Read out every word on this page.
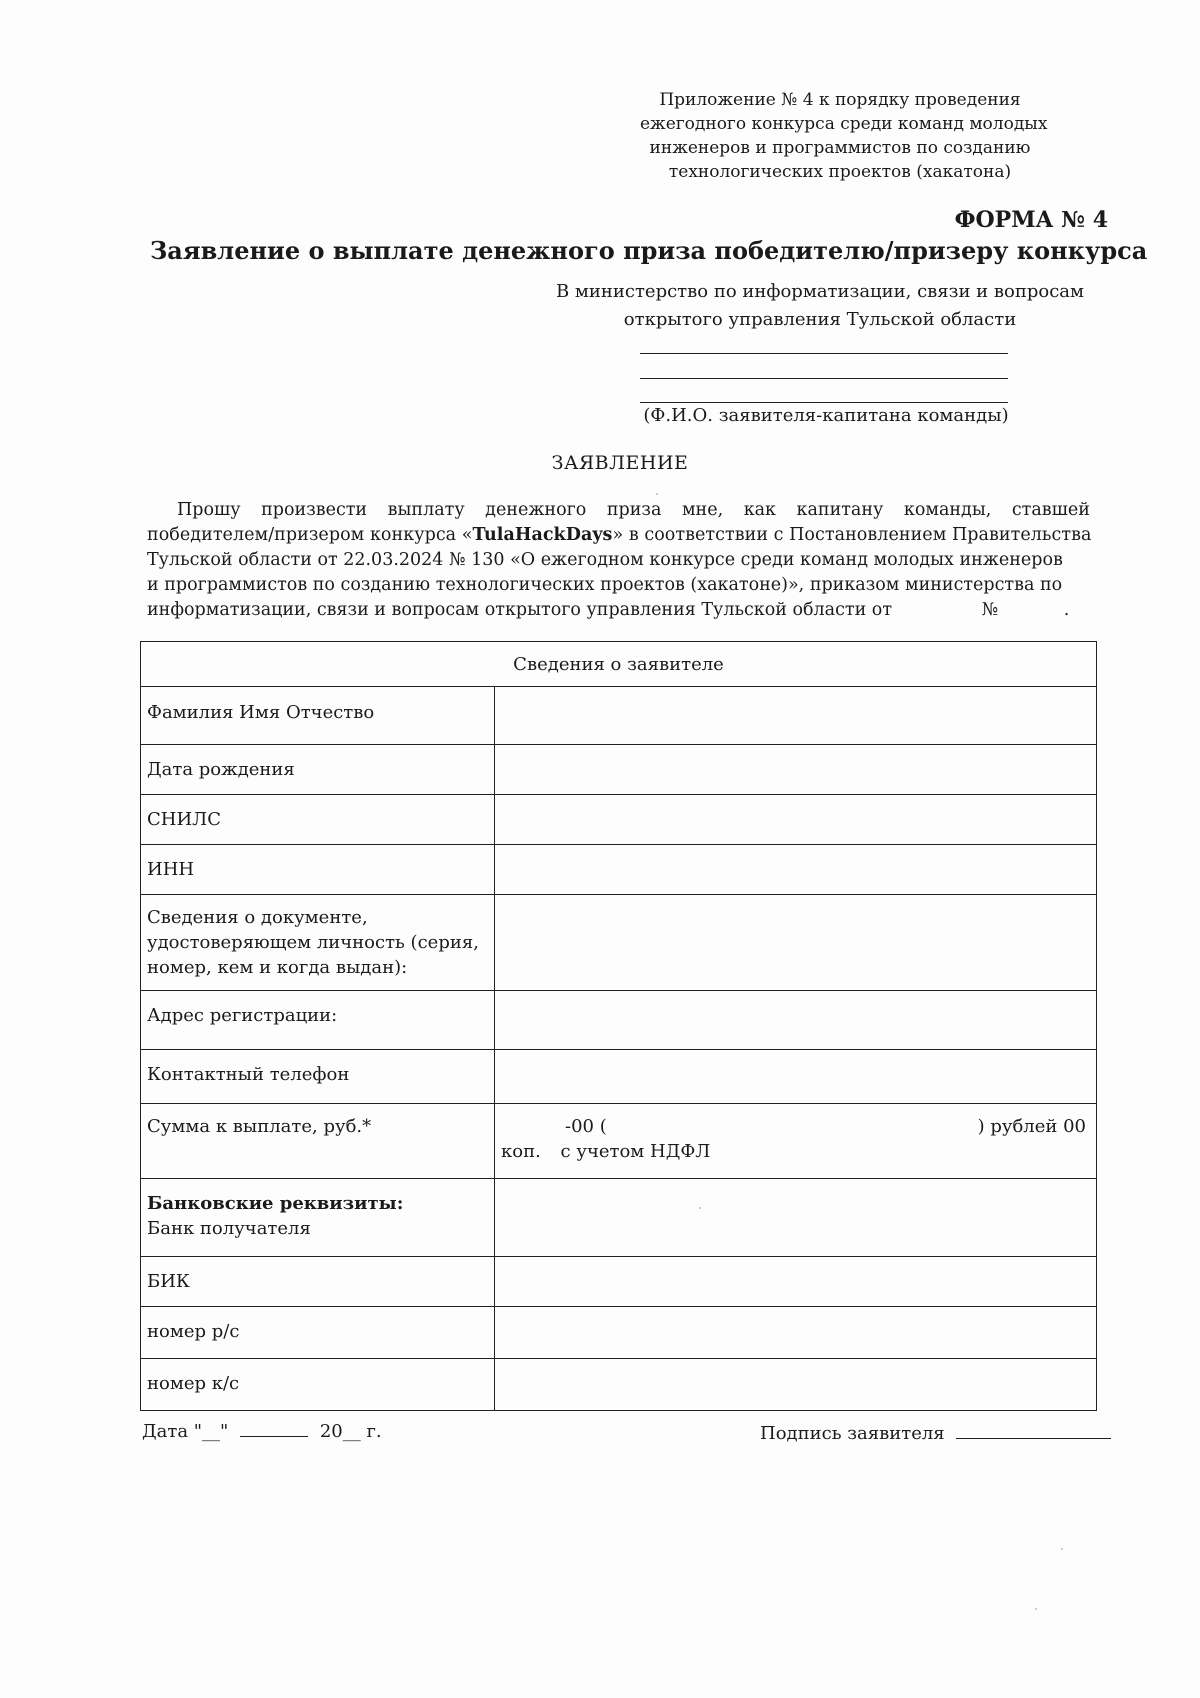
Приложение № 4 к порядку проведения
ежегодного конкурса среди команд молодых
инженеров и программистов по созданию
технологических проектов (хакатона)
ФОРМА № 4
Заявление о выплате денежного приза победителю/призеру конкурса
В министерство по информатизации, связи и вопросам
открытого управления Тульской области
(Ф.И.О. заявителя-капитана команды)
ЗАЯВЛЕНИЕ
Прошу произвести выплату денежного приза мне, как капитану команды, ставшей
победителем/призером конкурса «TulaHackDays» в соответствии с Постановлением Правительства
Тульской области от 22.03.2024 № 130 «О ежегодном конкурсе среди команд молодых инженеров
и программистов по созданию технологических проектов (хакатоне)», приказом министерства по
информатизации, связи и вопросам открытого управления Тульской области от	№	.
Сведения о заявителе
Фамилия Имя Отчество
Дата рождения
СНИЛС
ИНН
Сведения о документе, удостоверяющем личность (серия, номер, кем и когда выдан):
Адрес регистрации:
Контактный телефон
Сумма к выплате, руб.*	-00 (	) рублей 00
коп. с учетом НДФЛ
Банковские реквизиты:
Банк получателя
БИК
номер р/с
номер к/с
Дата "__"	20__ г.	Подпись заявителя
